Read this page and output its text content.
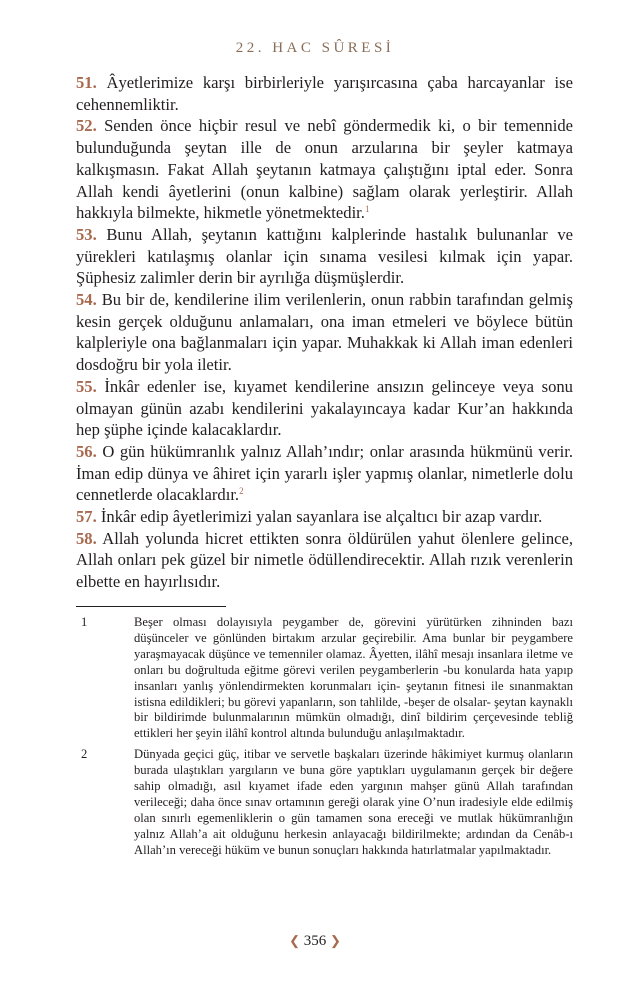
22. HAC SÛRESİ

51. Âyetlerimize karşı birbirleriyle yarışırcasına çaba harcayanlar ise cehennemliktir.

52. Senden önce hiçbir resul ve nebî göndermedik ki, o bir temennide bulunduğunda şeytan ille de onun arzularına bir şeyler katmaya kalkışmasın. Fakat Allah şeytanın katmaya çalıştığını iptal eder. Sonra Allah kendi âyetlerini (onun kalbine) sağlam olarak yerleştirir. Allah hakkıyla bilmekte, hikmetle yönetmektedir.$^1$

53. Bunu Allah, şeytanın kattığını kalplerinde hastalık bulunanlar ve yürekleri katılaşmış olanlar için sınama vesilesi kılmak için yapar. Şüphesiz zalimler derin bir ayrılığa düşmüşlerdir.

54. Bu bir de, kendilerine ilim verilenlerin, onun rabbin tarafından gelmiş kesin gerçek olduğunu anlamaları, ona iman etmeleri ve böylece bütün kalpleriyle ona bağlanmaları için yapar. Muhakkak ki Allah iman edenleri dosdoğru bir yola iletir.

55. İnkâr edenler ise, kıyamet kendilerine ansızın gelinceye veya sonu olmayan günün azabı kendilerini yakalayıncaya kadar Kur’an hakkında hep şüphe içinde kalacaklardır.

56. O gün hükümranlık yalnız Allah’ındır; onlar arasında hükmünü verir. İman edip dünya ve âhiret için yararlı işler yapmış olanlar, nimetlerle dolu cennetlerde olacaklardır.$^2$

57. İnkâr edip âyetlerimizi yalan sayanlara ise alçaltıcı bir azap vardır.

58. Allah yolunda hicret ettikten sonra öldürülen yahut ölenlere gelince, Allah onları pek güzel bir nimetle ödüllendirecektir. Allah rızık verenlerin elbette en hayırlısıdır.

1	Beşer olması dolayısıyla peygamber de, görevini yürütürken zihninden bazı düşünceler ve gönlünden birtakım arzular geçirebilir. Ama bunlar bir peygambere yaraşmayacak düşünce ve temenniler olamaz. Âyetten, ilâhî mesajı insanlara iletme ve onları bu doğrultuda eğitme görevi verilen peygamberlerin -bu konularda hata yapıp insanları yanlış yönlendirmekten korunmaları için- şeytanın fitnesi ile sınanmaktan istisna edildikleri; bu görevi yapanların, son tahlilde, -beşer de olsalar- şeytan kaynaklı bir bildirimde bulunmalarının mümkün olmadığı, dinî bildirim çerçevesinde tebliğ ettikleri her şeyin ilâhî kontrol altında bulunduğu anlaşılmaktadır.

2	Dünyada geçici güç, itibar ve servetle başkaları üzerinde hâkimiyet kurmuş olanların burada ulaştıkları yargıların ve buna göre yaptıkları uygulamanın gerçek bir değere sahip olmadığı, asıl kıyamet ifade eden yargının mahşer günü Allah tarafından verileceği; daha önce sınav ortamının gereği olarak yine O’nun iradesiyle elde edilmiş olan sınırlı egemenliklerin o gün tamamen sona ereceği ve mutlak hükümranlığın yalnız Allah’a ait olduğunu herkesin anlayacağı bildirilmekte; ardından da Cenâb-ı Allah’ın vereceği hüküm ve bunun sonuçları hakkında hatırlatmalar yapılmaktadır.

❮ 356 ❯
